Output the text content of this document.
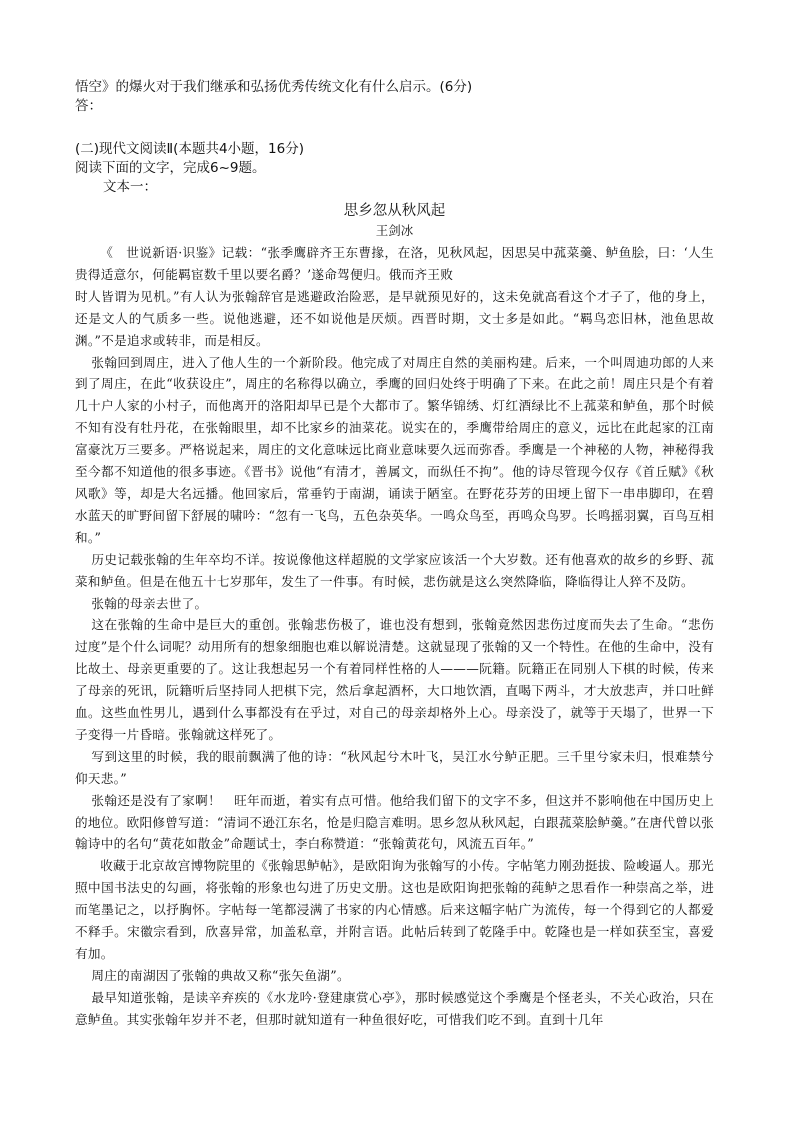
悟空》的爆火对于我们继承和弘扬优秀传统文化有什么启示。(6分)

答：

(二)现代文阅读Ⅱ(本题共4小题，16分)

阅读下面的文字，完成6~9题。

文本一：

思乡忽从秋风起

王剑冰

《　世说新语·识鉴》记载：“张季鹰辟齐王东曹掾，在洛，见秋风起，因思吴中菰菜羹、鲈鱼脍，曰：‘人生贵得适意尔，何能羁宦数千里以要名爵？’遂命驾便归。俄而齐王败

时人皆谓为见机。”有人认为张翰辞官是逃避政治险恶，是早就预见好的，这未免就高看这个才子了，他的身上，还是文人的气质多一些。说他逃避，还不如说他是厌烦。西晋时期，文士多是如此。“羁鸟恋旧林，池鱼思故渊。”不是追求或转非，而是相反。

张翰回到周庄，进入了他人生的一个新阶段。他完成了对周庄自然的美丽构建。后来，一个叫周迪功郎的人来到了周庄，在此“收获设庄”，周庄的名称得以确立，季鹰的回归处终于明确了下来。在此之前！周庄只是个有着几十户人家的小村子，而他离开的洛阳却早已是个大都市了。繁华锦绣、灯红酒绿比不上菰菜和鲈鱼，那个时候不知有没有牡丹花，在张翰眼里，却不比家乡的油菜花。说实在的，季鹰带给周庄的意义，远比在此起家的江南富豪沈万三要多。严格说起来，周庄的文化意味远比商业意味要久远而弥香。季鹰是一个神秘的人物，神秘得我至今都不知道他的很多事迹。《晋书》说他“有清才，善属文，而纵任不拘”。他的诗尽管现今仅存《首丘赋》《秋风歌》等，却是大名远播。他回家后，常垂钓于南湖，诵读于陋室。在野花芬芳的田埂上留下一串串脚印，在碧水蓝天的旷野间留下舒展的啸吟：“忽有一飞鸟，五色杂英华。一鸣众鸟至，再鸣众鸟罗。长鸣摇羽翼，百鸟互相和。”

历史记载张翰的生年卒均不详。按说像他这样超脱的文学家应该活一个大岁数。还有他喜欢的故乡的乡野、菰菜和鲈鱼。但是在他五十七岁那年，发生了一件事。有时候，悲伤就是这么突然降临，降临得让人猝不及防。

张翰的母亲去世了。

这在张翰的生命中是巨大的重创。张翰悲伤极了，谁也没有想到，张翰竟然因悲伤过度而失去了生命。“悲伤过度”是个什么词呢？动用所有的想象细胞也难以解说清楚。这就显现了张翰的又一个特性。在他的生命中，没有比故土、母亲更重要的了。这让我想起另一个有着同样性格的人———阮籍。阮籍正在同别人下棋的时候，传来了母亲的死讯，阮籍听后坚持同人把棋下完，然后拿起酒杯，大口地饮酒，直喝下两斗，才大放悲声，并口吐鲜血。这些血性男儿，遇到什么事都没有在乎过，对自己的母亲却格外上心。母亲没了，就等于天塌了，世界一下子变得一片昏暗。张翰就这样死了。

写到这里的时候，我的眼前飘满了他的诗：“秋风起兮木叶飞，吴江水兮鲈正肥。三千里兮家未归，恨难禁兮仰天悲。”

张翰还是没有了家啊！　旺年而逝，着实有点可惜。他给我们留下的文字不多，但这并不影响他在中国历史上的地位。欧阳修曾写道：“清词不逊江东名，怆是归隐言难明。思乡忽从秋风起，白跟菰菜脍鲈羹。”在唐代曾以张翰诗中的名句“黄花如散金”命题试士，李白称赞道：“张翰黄花句，风流五百年。”

收藏于北京故宫博物院里的《张翰思鲈帖》，是欧阳询为张翰写的小传。字帖笔力刚劲挺拔、险峻逼人。那光照中国书法史的勾画，将张翰的形象也勾进了历史文册。这也是欧阳询把张翰的莼鲈之思看作一种崇高之举，进而笔墨记之，以抒胸怀。字帖每一笔都浸满了书家的内心情感。后来这幅字帖广为流传，每一个得到它的人都爱不释手。宋徽宗看到，欣喜异常，加盖私章，并附言语。此帖后转到了乾隆手中。乾隆也是一样如获至宝，喜爱有加。

周庄的南湖因了张翰的典故又称“张矢鱼湖”。

最早知道张翰，是读辛弃疾的《水龙吟·登建康赏心亭》，那时候感觉这个季鹰是个怪老头，不关心政治，只在意鲈鱼。其实张翰年岁并不老，但那时就知道有一种鱼很好吃，可惜我们吃不到。直到十几年
